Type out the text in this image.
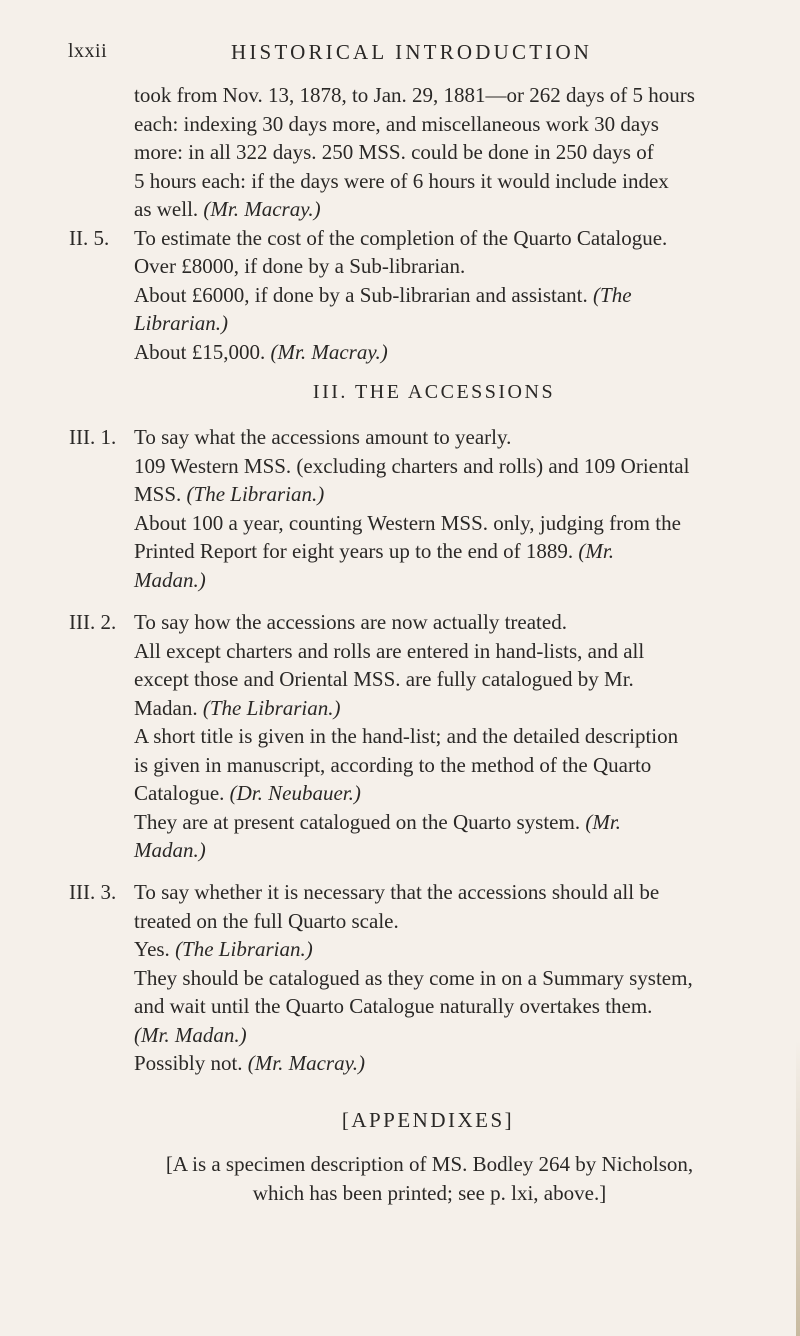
lxxii	HISTORICAL INTRODUCTION
took from Nov. 13, 1878, to Jan. 29, 1881—or 262 days of 5 hours
each: indexing 30 days more, and miscellaneous work 30 days
more: in all 322 days. 250 MSS. could be done in 250 days of
5 hours each: if the days were of 6 hours it would include index
as well. (Mr. Macray.)
II. 5. To estimate the cost of the completion of the Quarto Catalogue.
Over £8000, if done by a Sub-librarian.
About £6000, if done by a Sub-librarian and assistant. (The
Librarian.)
About £15,000. (Mr. Macray.)
III. THE ACCESSIONS
III. 1. To say what the accessions amount to yearly.
109 Western MSS. (excluding charters and rolls) and 109 Oriental
MSS. (The Librarian.)
About 100 a year, counting Western MSS. only, judging from the
Printed Report for eight years up to the end of 1889. (Mr.
Madan.)
III. 2. To say how the accessions are now actually treated.
All except charters and rolls are entered in hand-lists, and all
except those and Oriental MSS. are fully catalogued by Mr.
Madan. (The Librarian.)
A short title is given in the hand-list; and the detailed description
is given in manuscript, according to the method of the Quarto
Catalogue. (Dr. Neubauer.)
They are at present catalogued on the Quarto system. (Mr.
Madan.)
III. 3. To say whether it is necessary that the accessions should all be
treated on the full Quarto scale.
Yes. (The Librarian.)
They should be catalogued as they come in on a Summary system,
and wait until the Quarto Catalogue naturally overtakes them.
(Mr. Madan.)
Possibly not. (Mr. Macray.)
[APPENDIXES]
[A is a specimen description of MS. Bodley 264 by Nicholson,
which has been printed; see p. lxi, above.]
